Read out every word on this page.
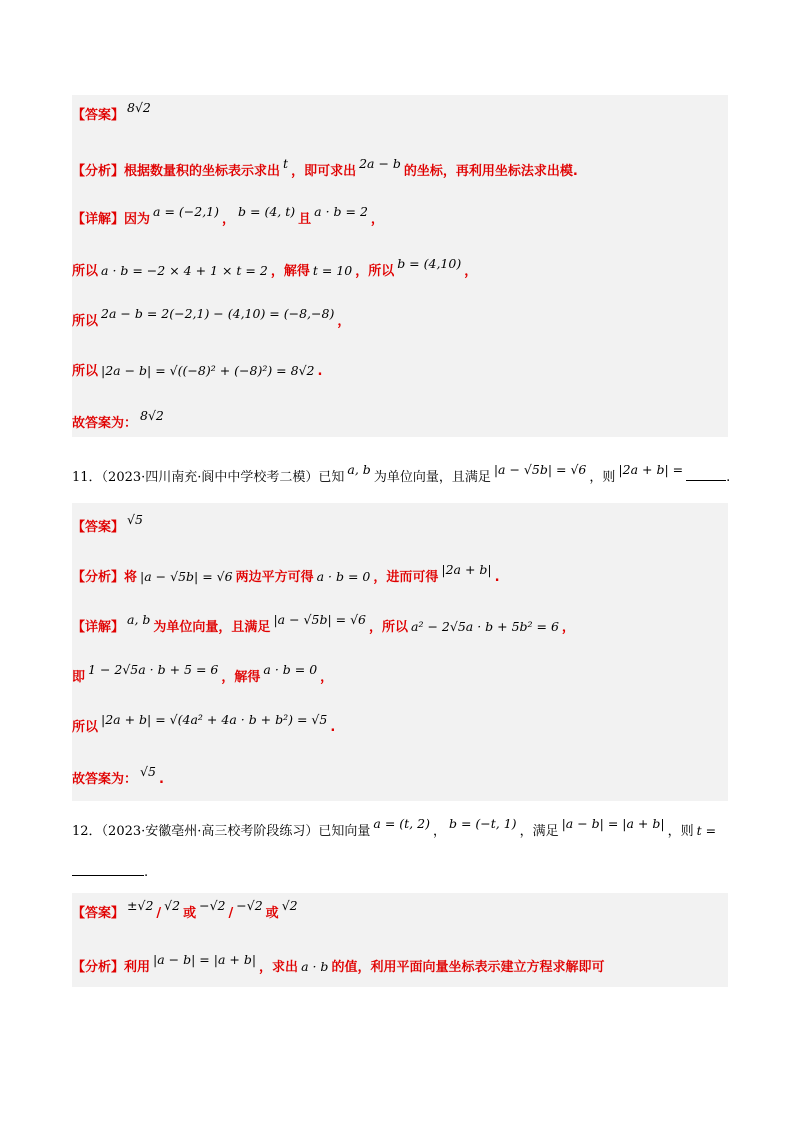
【答案】8√2
【分析】根据数量积的坐标表示求出t，即可求出2a − b的坐标，再利用坐标法求出模.
【详解】因为a = (−2,1)，b = (4, t)且a · b = 2，
所以 a · b = −2 × 4 + 1 × t = 2 ，解得 t = 10 ，所以b = (4,10)，
所以2a − b = 2(−2,1) − (4,10) = (−8,−8)，
所以 |2a − b| = √((−8)² + (−8)²) = 8√2 .
故答案为：8√2
11．（2023·四川南充·阆中中学校考二模）已知a, b为单位向量，且满足|a − √5b| = √6，则|2a + b| =.
【答案】√5
【分析】将 |a − √5b| = √6 两边平方可得 a · b = 0 ，进而可得|2a + b|.
【详解】a, b为单位向量，且满足|a − √5b| = √6，所以 a² − 2√5a · b + 5b² = 6 ，
即1 − 2√5a · b + 5 = 6，解得a · b = 0，
所以|2a + b| = √(4a² + 4a · b + b²) = √5.
故答案为：√5.
12．（2023·安徽亳州·高三校考阶段练习）已知向量a = (t, 2)，b = (−t, 1)，满足|a − b| = |a + b|，则 t =
.
【答案】±√2/√2或−√2/−√2或√2
【分析】利用|a − b| = |a + b|，求出 a · b 的值，利用平面向量坐标表示建立方程求解即可
